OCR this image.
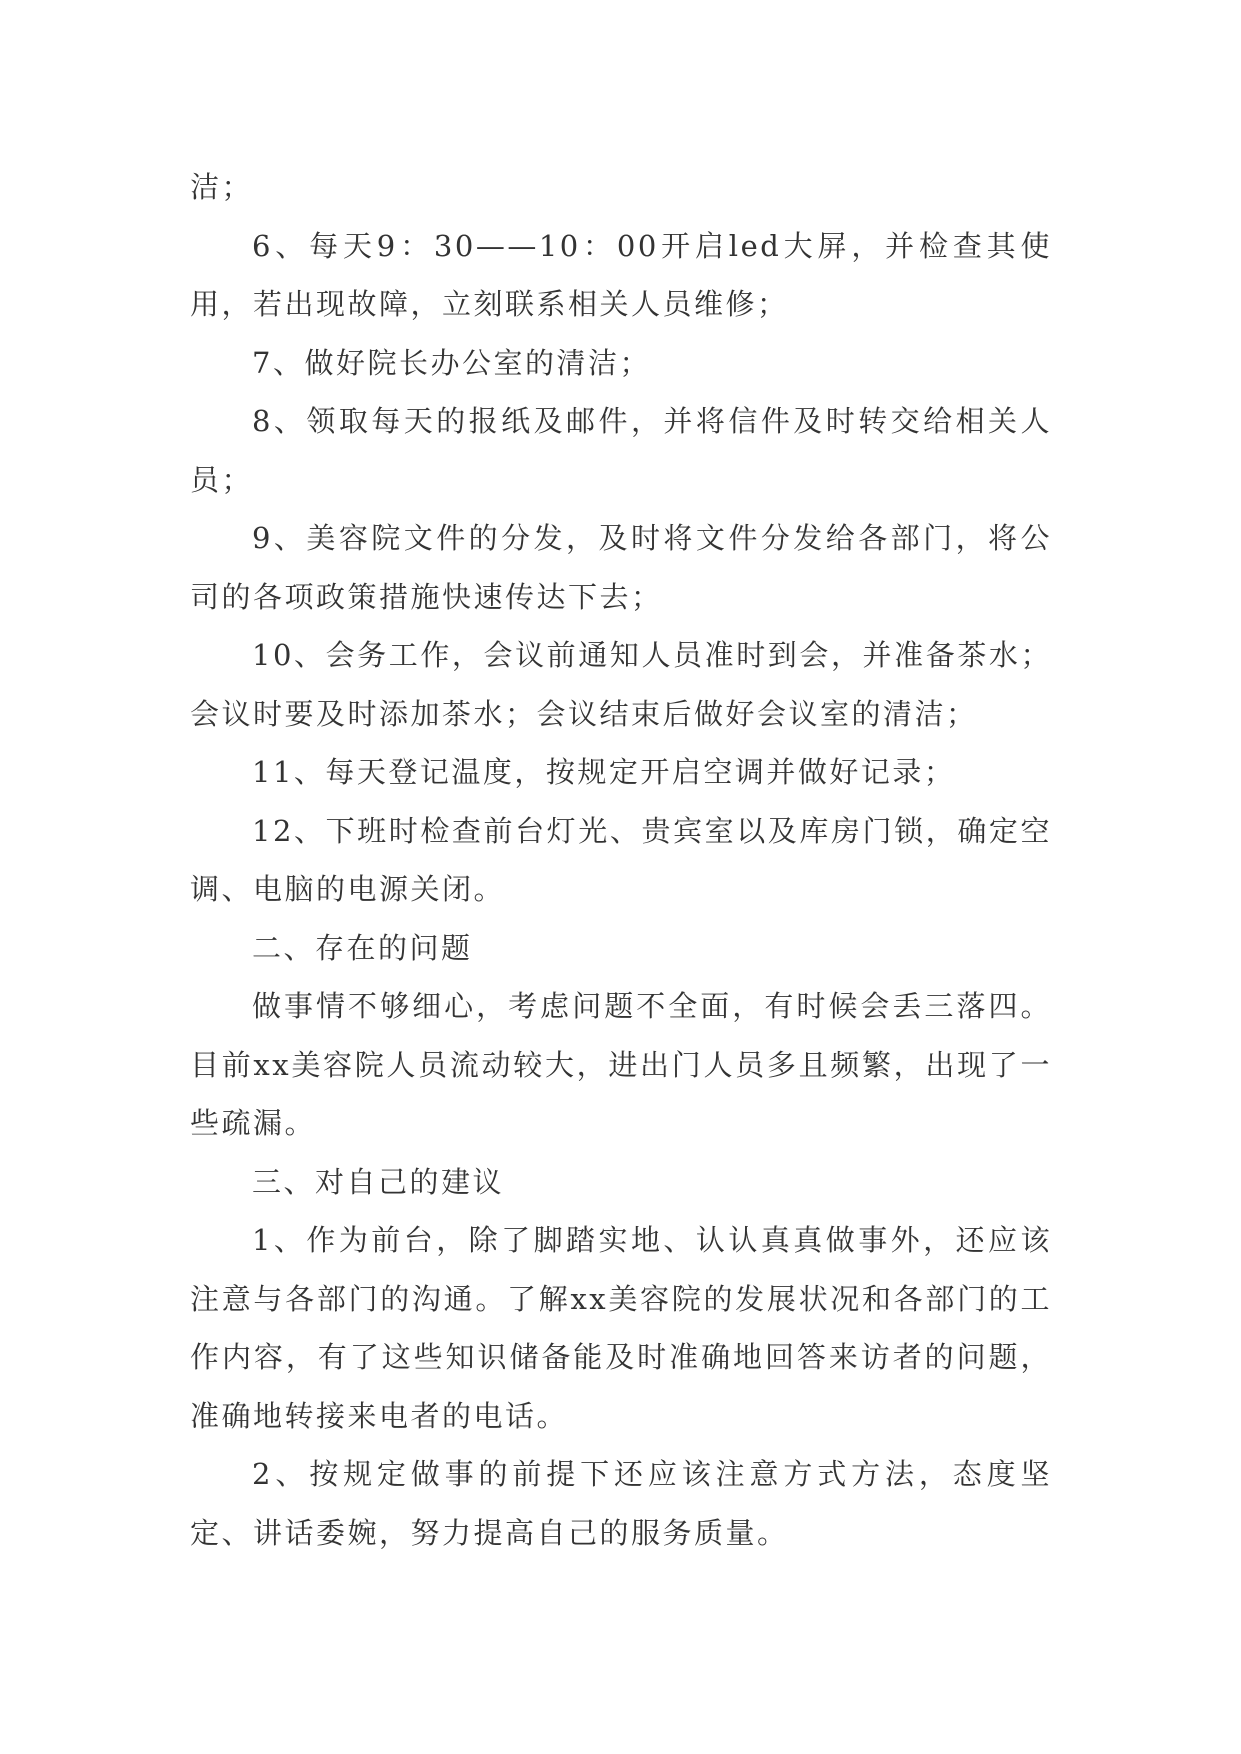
洁；

6、每天9：30——10：00开启led大屏，并检查其使用，若出现故障，立刻联系相关人员维修；

7、做好院长办公室的清洁；

8、领取每天的报纸及邮件，并将信件及时转交给相关人员；

9、美容院文件的分发，及时将文件分发给各部门，将公司的各项政策措施快速传达下去；

10、会务工作，会议前通知人员准时到会，并准备茶水；会议时要及时添加茶水；会议结束后做好会议室的清洁；

11、每天登记温度，按规定开启空调并做好记录；

12、下班时检查前台灯光、贵宾室以及库房门锁，确定空调、电脑的电源关闭。

二、存在的问题

做事情不够细心，考虑问题不全面，有时候会丢三落四。目前xx美容院人员流动较大，进出门人员多且频繁，出现了一些疏漏。

三、对自己的建议

1、作为前台，除了脚踏实地、认认真真做事外，还应该注意与各部门的沟通。了解xx美容院的发展状况和各部门的工作内容，有了这些知识储备能及时准确地回答来访者的问题，准确地转接来电者的电话。

2、按规定做事的前提下还应该注意方式方法，态度坚定、讲话委婉，努力提高自己的服务质量。
